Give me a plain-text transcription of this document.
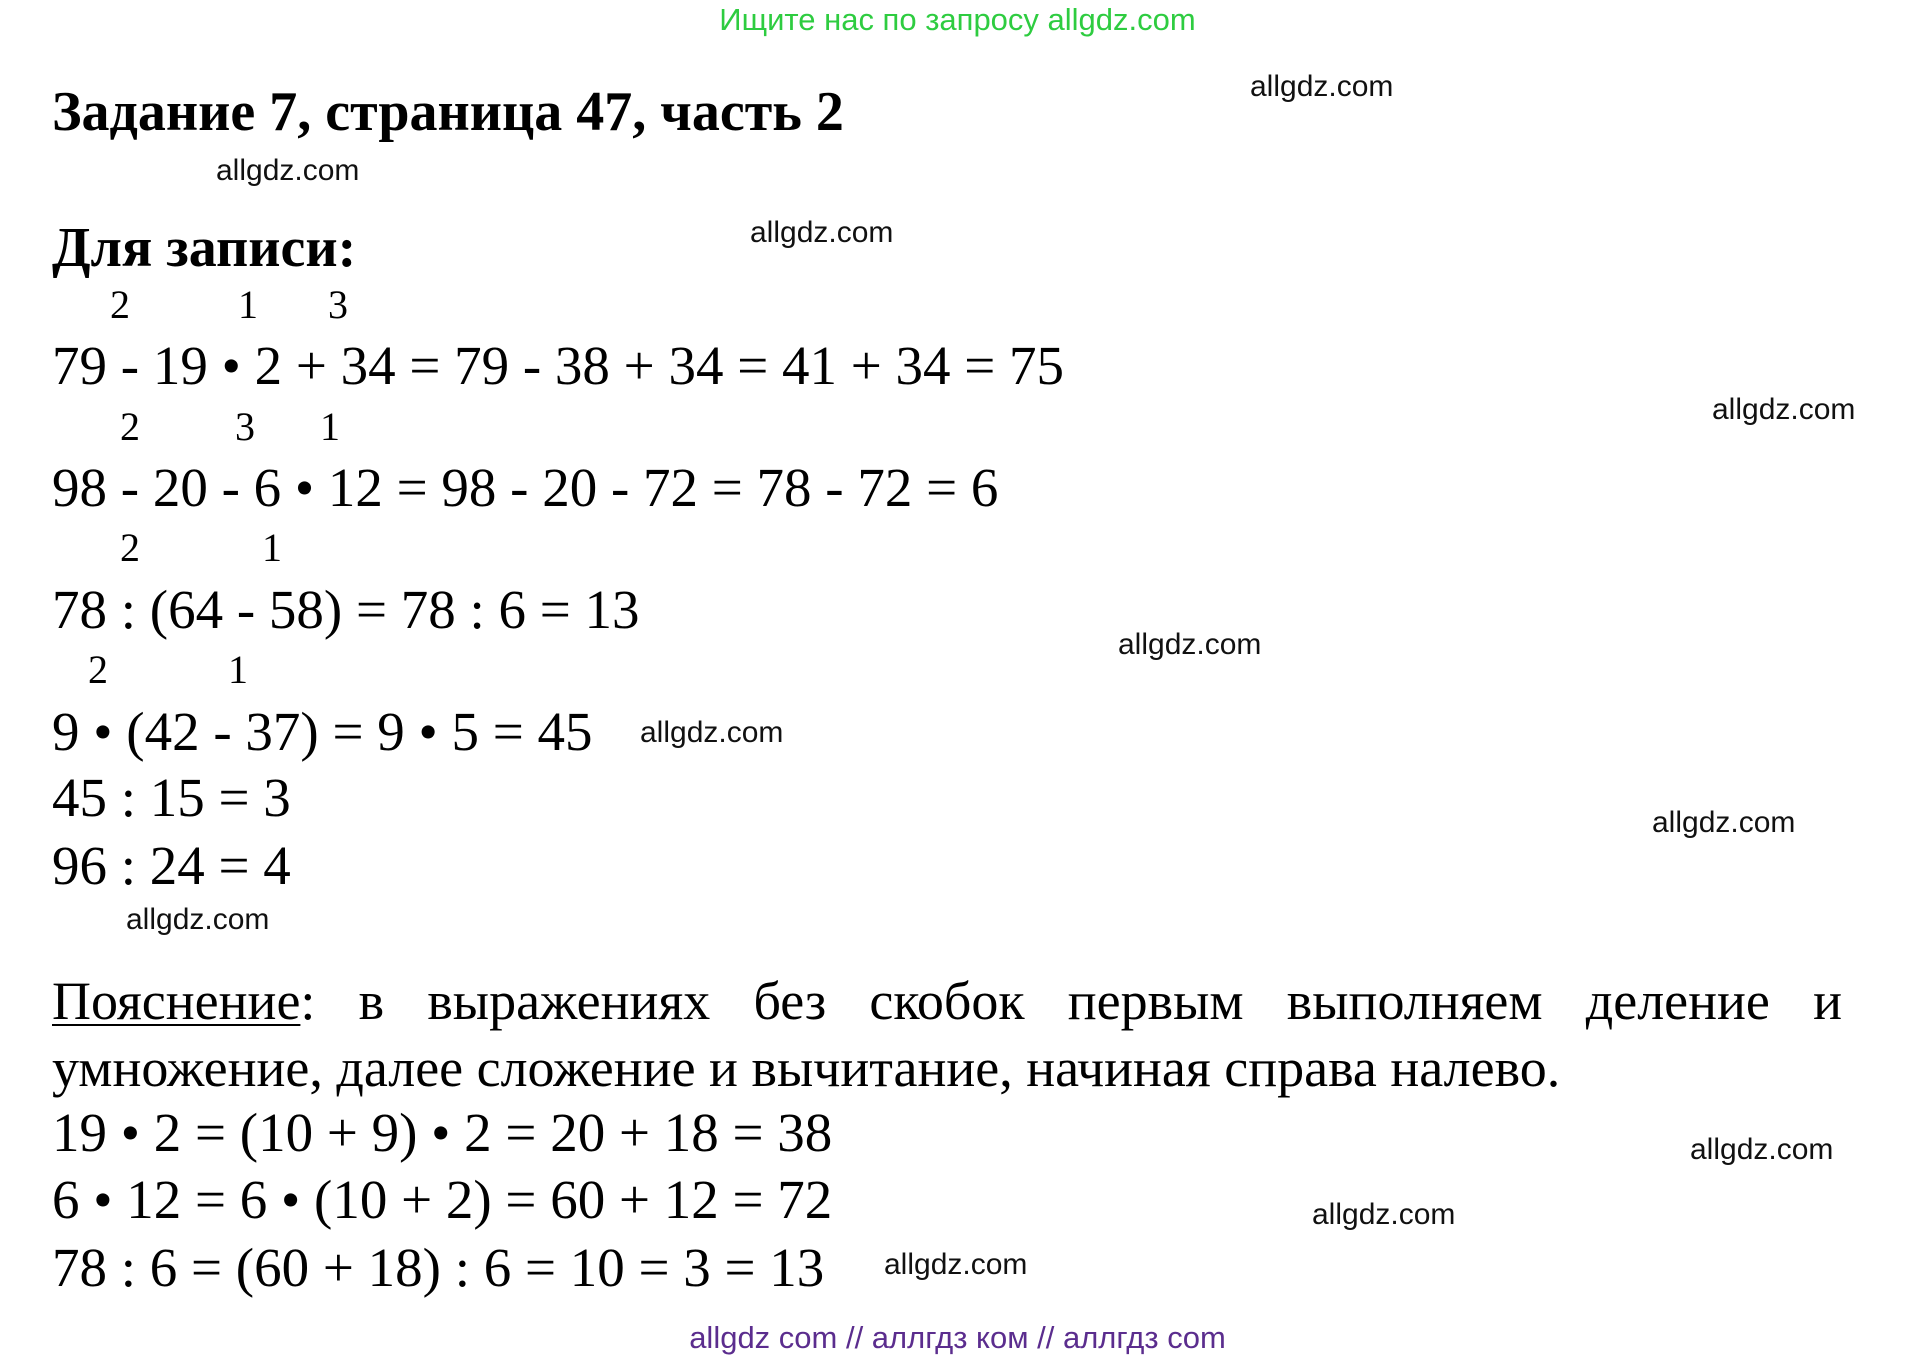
Ищите нас по запросу allgdz.com
Задание 7, страница 47, часть 2
Для записи:
2	1 3
79 - 19 • 2 + 34 = 79 - 38 + 34 = 41 + 34 = 75
2 3 1
98 - 20 - 6 • 12 = 98 - 20 - 72 = 78 - 72 = 6
2	1
78 : (64 - 58) = 78 : 6 = 13
2	1
9 • (42 - 37) = 9 • 5 = 45
45 : 15 = 3
96 : 24 = 4
Пояснение: в выражениях без скобок первым выполняем деление и умножение, далее сложение и вычитание, начиная справа налево.
19 • 2 = (10 + 9) • 2 = 20 + 18 = 38
6 • 12 = 6 • (10 + 2) = 60 + 12 = 72
78 : 6 = (60 + 18) : 6 = 10 = 3 = 13
allgdz.com
allgdz.com
allgdz.com
allgdz.com
allgdz.com
allgdz.com
allgdz.com
allgdz.com
allgdz.com
allgdz.com
allgdz.com
allgdz com // аллгдз ком // аллгдз com
